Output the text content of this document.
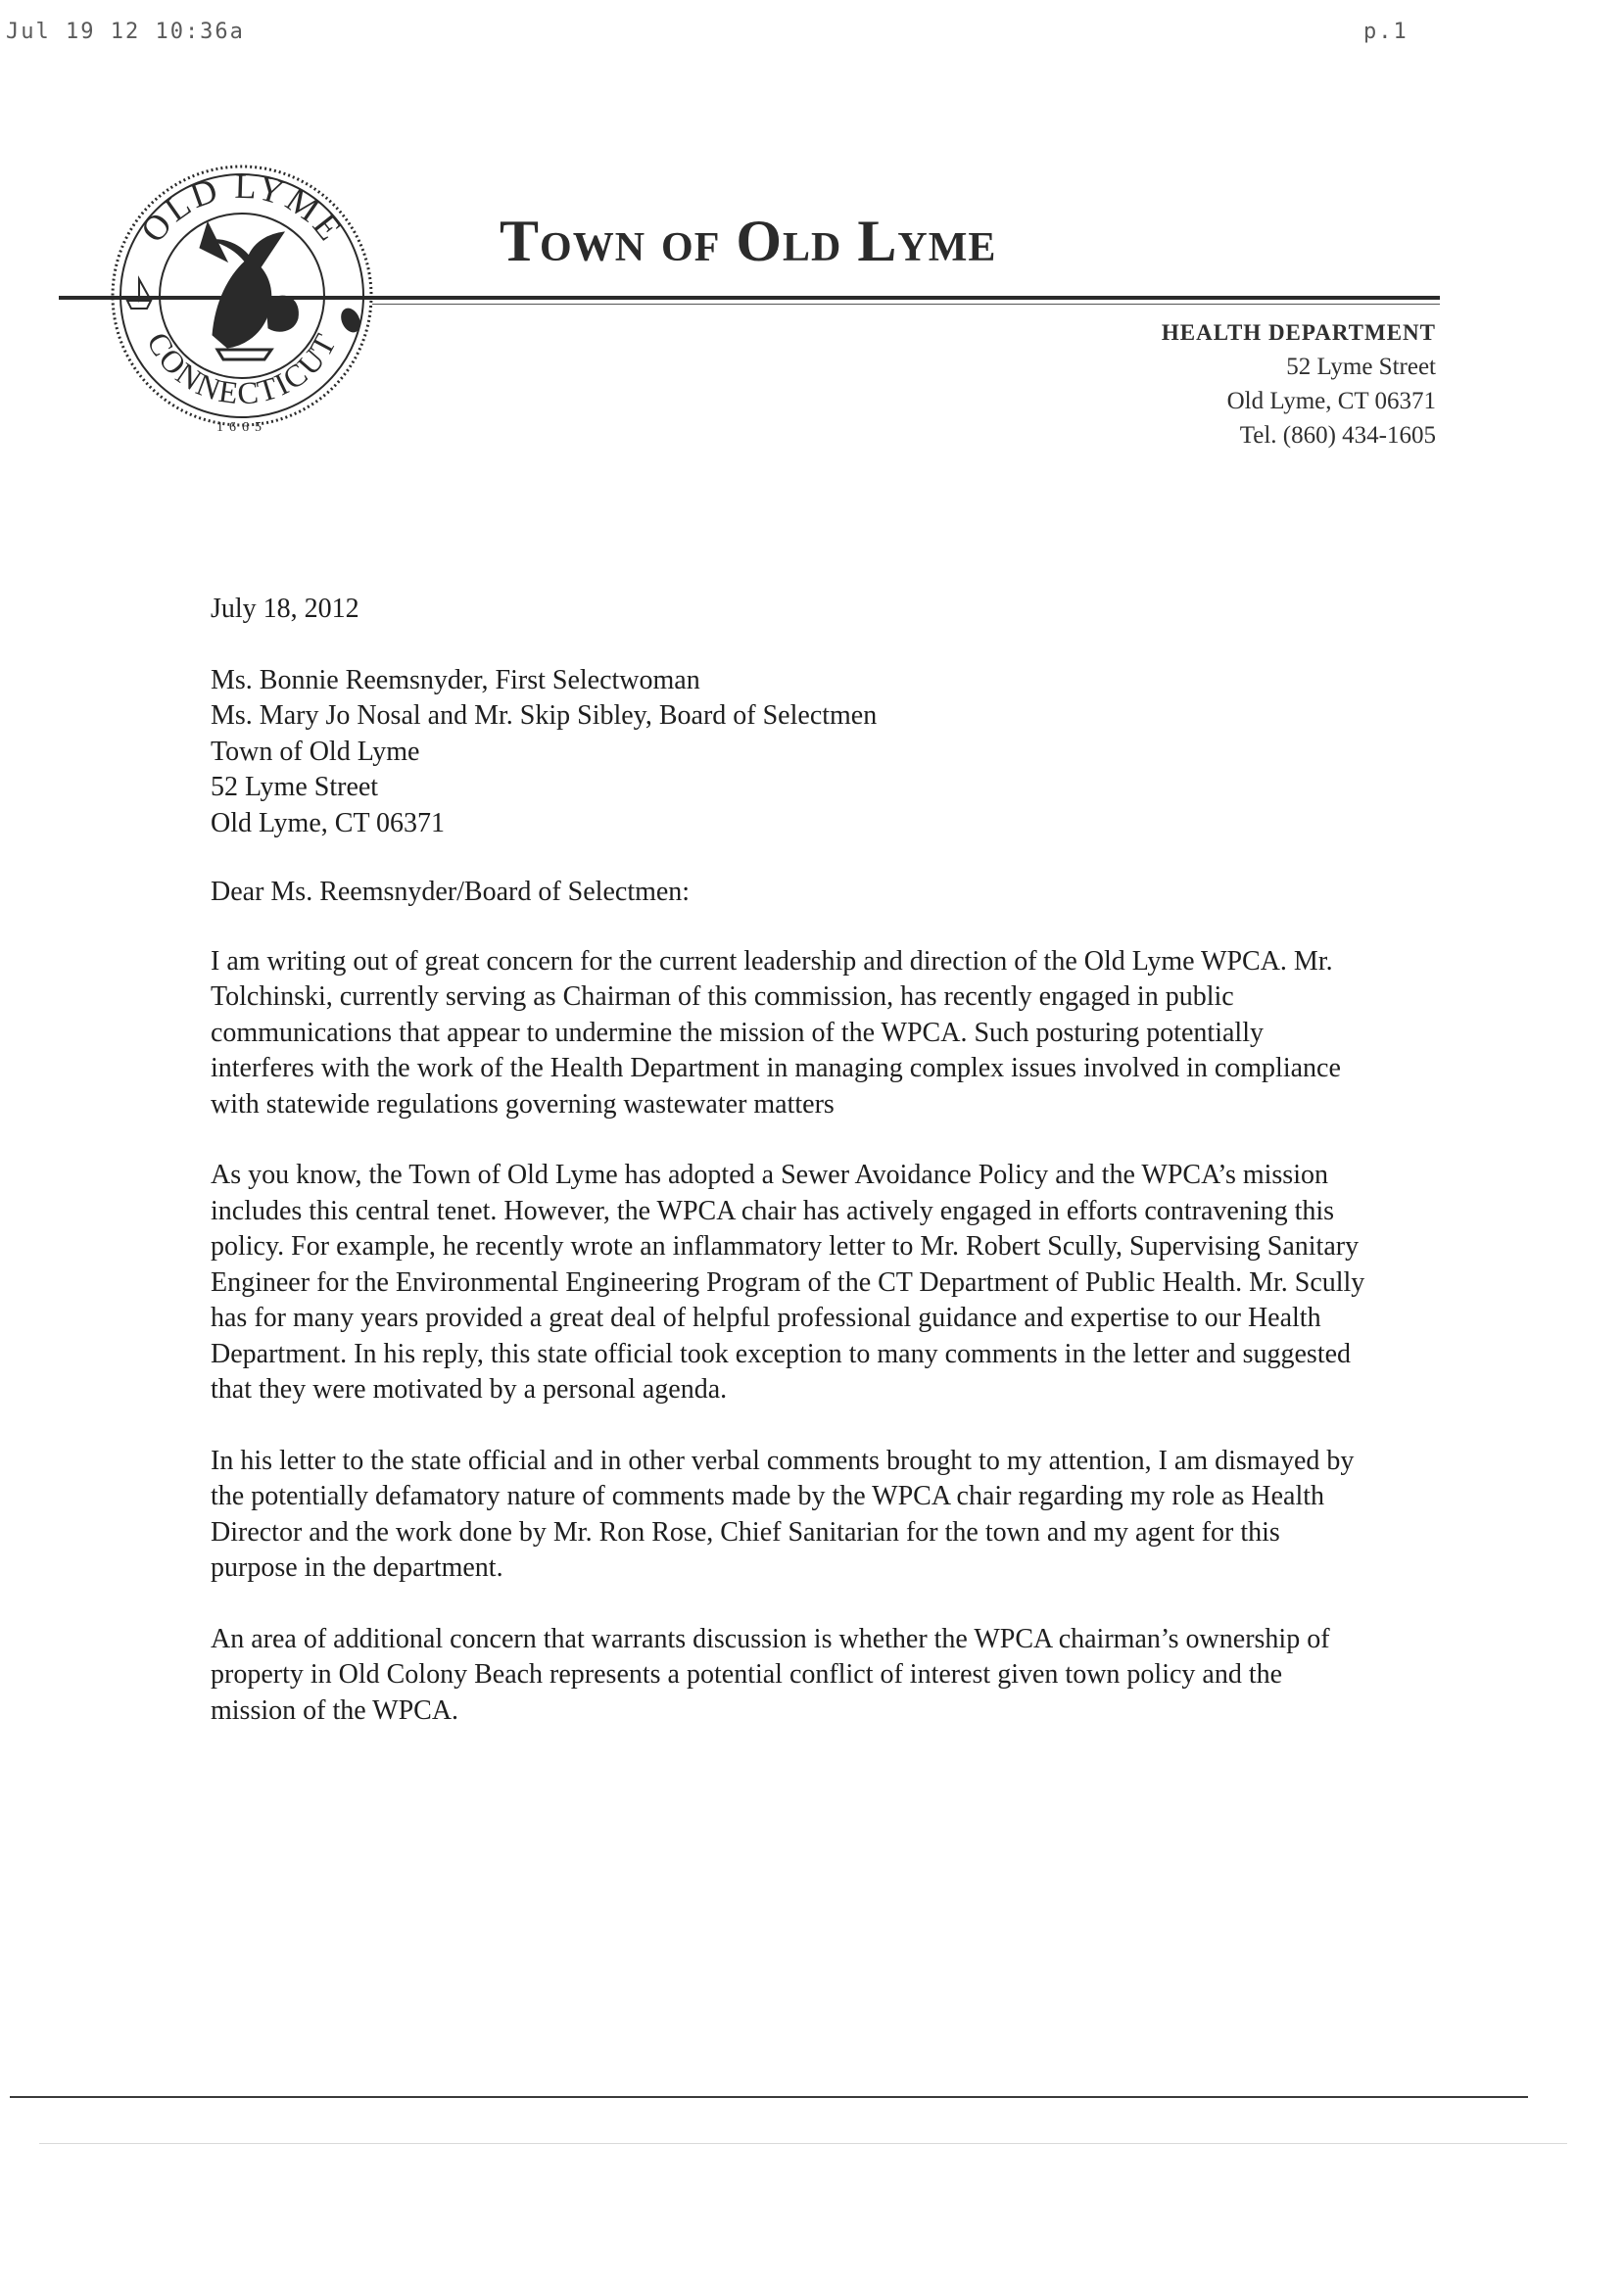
Jul 19 12 10:36a	p.1
OLD LYME
CONNECTICUT
1665
Town of Old Lyme
HEALTH DEPARTMENT
52 Lyme Street
Old Lyme, CT 06371
Tel. (860) 434-1605

July 18, 2012

Ms. Bonnie Reemsnyder, First Selectwoman

Ms. Mary Jo Nosal and Mr. Skip Sibley, Board of Selectmen

Town of Old Lyme

52 Lyme Street

Old Lyme, CT 06371

Dear Ms. Reemsnyder/Board of Selectmen:

I am writing out of great concern for the current leadership and direction of the Old Lyme WPCA. Mr. Tolchinski, currently serving as Chairman of this commission, has recently engaged in public communications that appear to undermine the mission of the WPCA. Such posturing potentially interferes with the work of the Health Department in managing complex issues involved in compliance with statewide regulations governing wastewater matters

As you know, the Town of Old Lyme has adopted a Sewer Avoidance Policy and the WPCA’s mission includes this central tenet. However, the WPCA chair has actively engaged in efforts contravening this policy. For example, he recently wrote an inflammatory letter to Mr. Robert Scully, Supervising Sanitary Engineer for the Environmental Engineering Program of the CT Department of Public Health. Mr. Scully has for many years provided a great deal of helpful professional guidance and expertise to our Health Department. In his reply, this state official took exception to many comments in the letter and suggested that they were motivated by a personal agenda.

In his letter to the state official and in other verbal comments brought to my attention, I am dismayed by the potentially defamatory nature of comments made by the WPCA chair regarding my role as Health Director and the work done by Mr. Ron Rose, Chief Sanitarian for the town and my agent for this purpose in the department.

An area of additional concern that warrants discussion is whether the WPCA chairman’s ownership of property in Old Colony Beach represents a potential conflict of interest given town policy and the mission of the WPCA.
